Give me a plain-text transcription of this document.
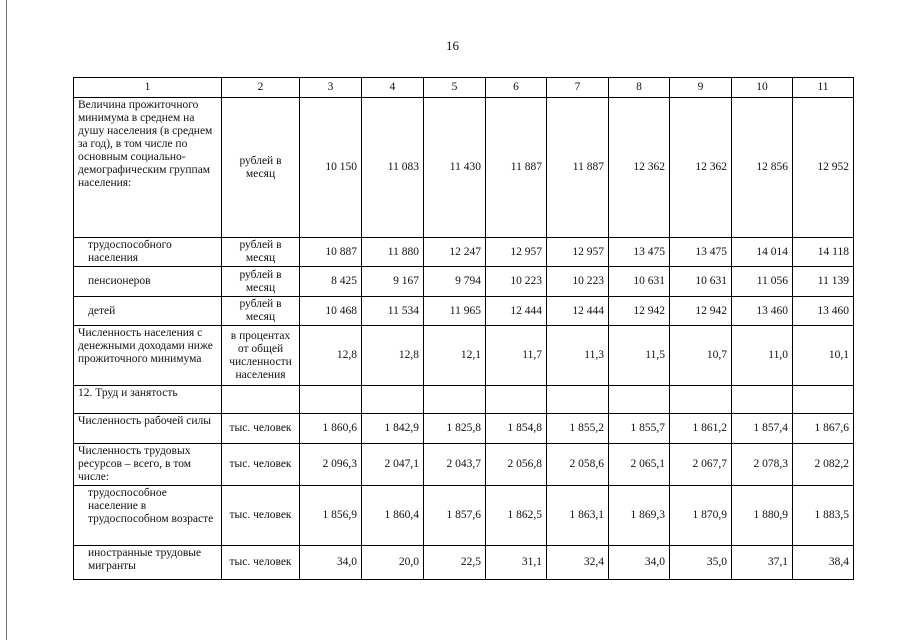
16
1	2	3	4	5	6	7	8	9	10	11
Величина прожиточного минимума в среднем на душу населения (в среднем за год), в том числе по основным социально-демографическим группам населения:	рублей в месяц	10 150	11 083	11 430	11 887	11 887	12 362	12 362	12 856	12 952
трудоспособного населения	рублей в месяц	10 887	11 880	12 247	12 957	12 957	13 475	13 475	14 014	14 118
пенсионеров	рублей в месяц	8 425	9 167	9 794	10 223	10 223	10 631	10 631	11 056	11 139
детей	рублей в месяц	10 468	11 534	11 965	12 444	12 444	12 942	12 942	13 460	13 460
Численность населения с денежными доходами ниже прожиточного минимума	в процентах от общей численности населения	12,8	12,8	12,1	11,7	11,3	11,5	10,7	11,0	10,1
12. Труд и занятость										
Численность рабочей силы	тыс. человек	1 860,6	1 842,9	1 825,8	1 854,8	1 855,2	1 855,7	1 861,2	1 857,4	1 867,6
Численность трудовых ресурсов – всего, в том числе:	тыс. человек	2 096,3	2 047,1	2 043,7	2 056,8	2 058,6	2 065,1	2 067,7	2 078,3	2 082,2
трудоспособное население в трудоспособном возрасте	тыс. человек	1 856,9	1 860,4	1 857,6	1 862,5	1 863,1	1 869,3	1 870,9	1 880,9	1 883,5
иностранные трудовые мигранты	тыс. человек	34,0	20,0	22,5	31,1	32,4	34,0	35,0	37,1	38,4
